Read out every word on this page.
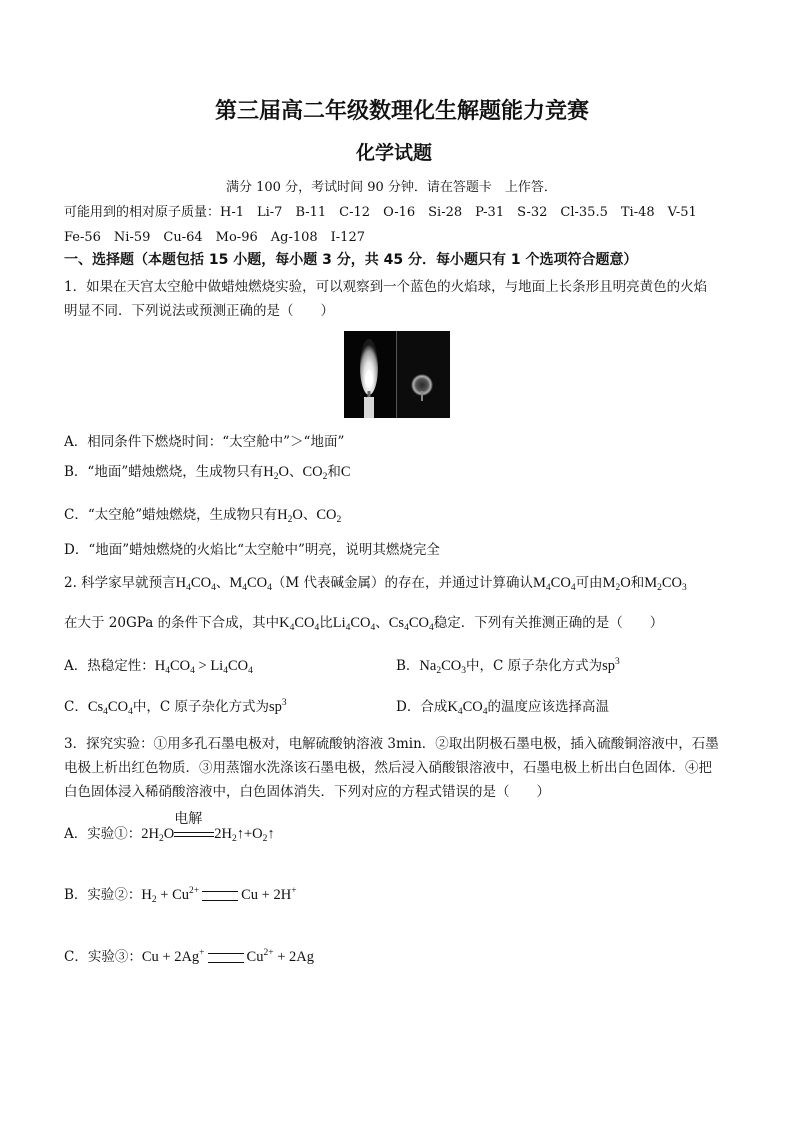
第三届高二年级数理化生解题能力竞赛
化学试题
满分 100 分，考试时间 90 分钟．请在答题卡　上作答．
可能用到的相对原子质量：H-1　Li-7　B-11　C-12　O-16　Si-28　P-31　S-32　Cl-35.5　Ti-48　V-51
Fe-56　Ni-59　Cu-64　Mo-96　Ag-108　I-127
一、选择题（本题包括 15 小题，每小题 3 分，共 45 分．每小题只有 1 个选项符合题意）
1．如果在天宫太空舱中做蜡烛燃烧实验，可以观察到一个蓝色的火焰球，与地面上长条形且明亮黄色的火焰
明显不同．下列说法或预测正确的是（　　）
A．相同条件下燃烧时间：“太空舱中”＞“地面”
B．“地面”蜡烛燃烧，生成物只有$H_2O$、$CO_2$和C
C．“太空舱”蜡烛燃烧，生成物只有$H_2O$、$CO_2$
D．“地面”蜡烛燃烧的火焰比“太空舱中”明亮，说明其燃烧完全
2. 科学家早就预言$H_4CO_4$、$M_4CO_4(M$ 代表碱金属）的存在，并通过计算确认$M_4CO_4$可由$M_2O$和$M_2CO_3$
在大于 20GPa 的条件下合成，其中$K_4CO_4$比$Li_4CO_4$、$Cs_4CO_4$稳定．下列有关推测正确的是（　　）
A．热稳定性：$H_4CO_4 > Li_4CO_4$	B．$Na_2CO_3$中，C 原子杂化方式为$sp^3$
C．$Cs_4CO_4$中，C 原子杂化方式为$sp^3$	D．合成$K_4CO_4$的温度应该选择高温
3．探究实验：①用多孔石墨电极对，电解硫酸钠溶液 3min．②取出阴极石墨电极，插入硫酸铜溶液中，石墨
电极上析出红色物质．③用蒸馏水洗涤该石墨电极，然后浸入硝酸银溶液中，石墨电极上析出白色固体．④把
白色固体浸入稀硝酸溶液中，白色固体消失．下列对应的方程式错误的是（　　）
A．实验①：$2H_2O$
电解
$2H_2↑+O_2↑$
B．实验②：$H_2 + Cu^{2+}$	Cu + 2H+
C．实验③：Cu + 2Ag+	$Cu^{2+} + 2Ag$
